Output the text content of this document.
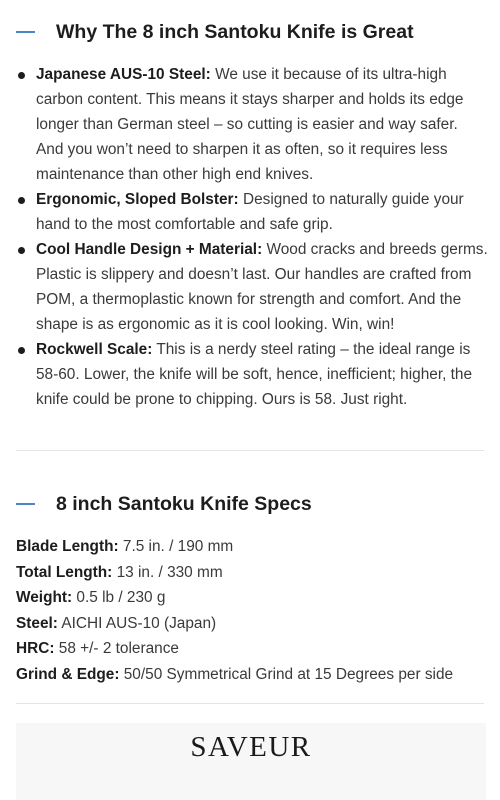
Why The 8 inch Santoku Knife is Great
Japanese AUS-10 Steel: We use it because of its ultra-high carbon content. This means it stays sharper and holds its edge longer than German steel – so cutting is easier and way safer. And you won’t need to sharpen it as often, so it requires less maintenance than other high end knives.
Ergonomic, Sloped Bolster: Designed to naturally guide your hand to the most comfortable and safe grip.
Cool Handle Design + Material: Wood cracks and breeds germs. Plastic is slippery and doesn’t last. Our handles are crafted from POM, a thermoplastic known for strength and comfort. And the shape is as ergonomic as it is cool looking. Win, win!
Rockwell Scale: This is a nerdy steel rating – the ideal range is 58-60. Lower, the knife will be soft, hence, inefficient; higher, the knife could be prone to chipping. Ours is 58. Just right.
8 inch Santoku Knife Specs
Blade Length: 7.5 in. / 190 mm
Total Length: 13 in. / 330 mm
Weight: 0.5 lb / 230 g
Steel: AICHI AUS-10 (Japan)
HRC: 58 +/- 2 tolerance
Grind & Edge: 50/50 Symmetrical Grind at 15 Degrees per side
SAVEUR
